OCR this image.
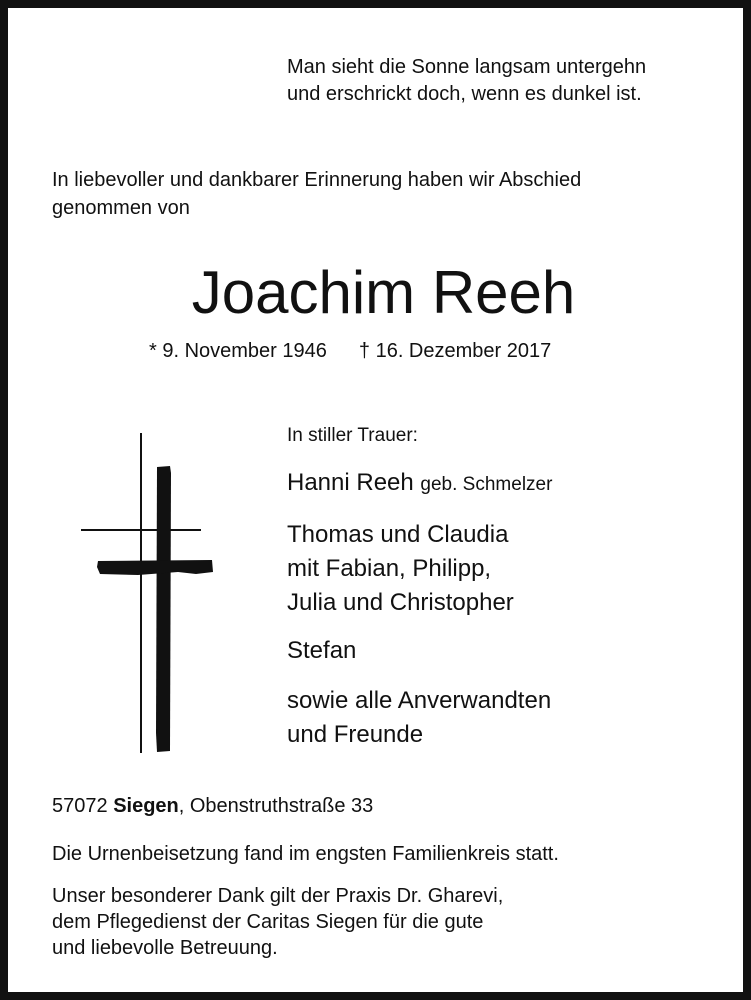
Man sieht die Sonne langsam untergehn
und erschrickt doch, wenn es dunkel ist.
In liebevoller und dankbarer Erinnerung haben wir Abschied
genommen von
Joachim Reeh
* 9. November 1946 † 16. Dezember 2017
In stiller Trauer:
Hanni Reeh geb. Schmelzer
Thomas und Claudia
mit Fabian, Philipp,
Julia und Christopher
Stefan
sowie alle Anverwandten
und Freunde
57072 Siegen, Obenstruthstraße 33
Die Urnenbeisetzung fand im engsten Familienkreis statt.
Unser besonderer Dank gilt der Praxis Dr. Gharevi,
dem Pflegedienst der Caritas Siegen für die gute
und liebevolle Betreuung.
